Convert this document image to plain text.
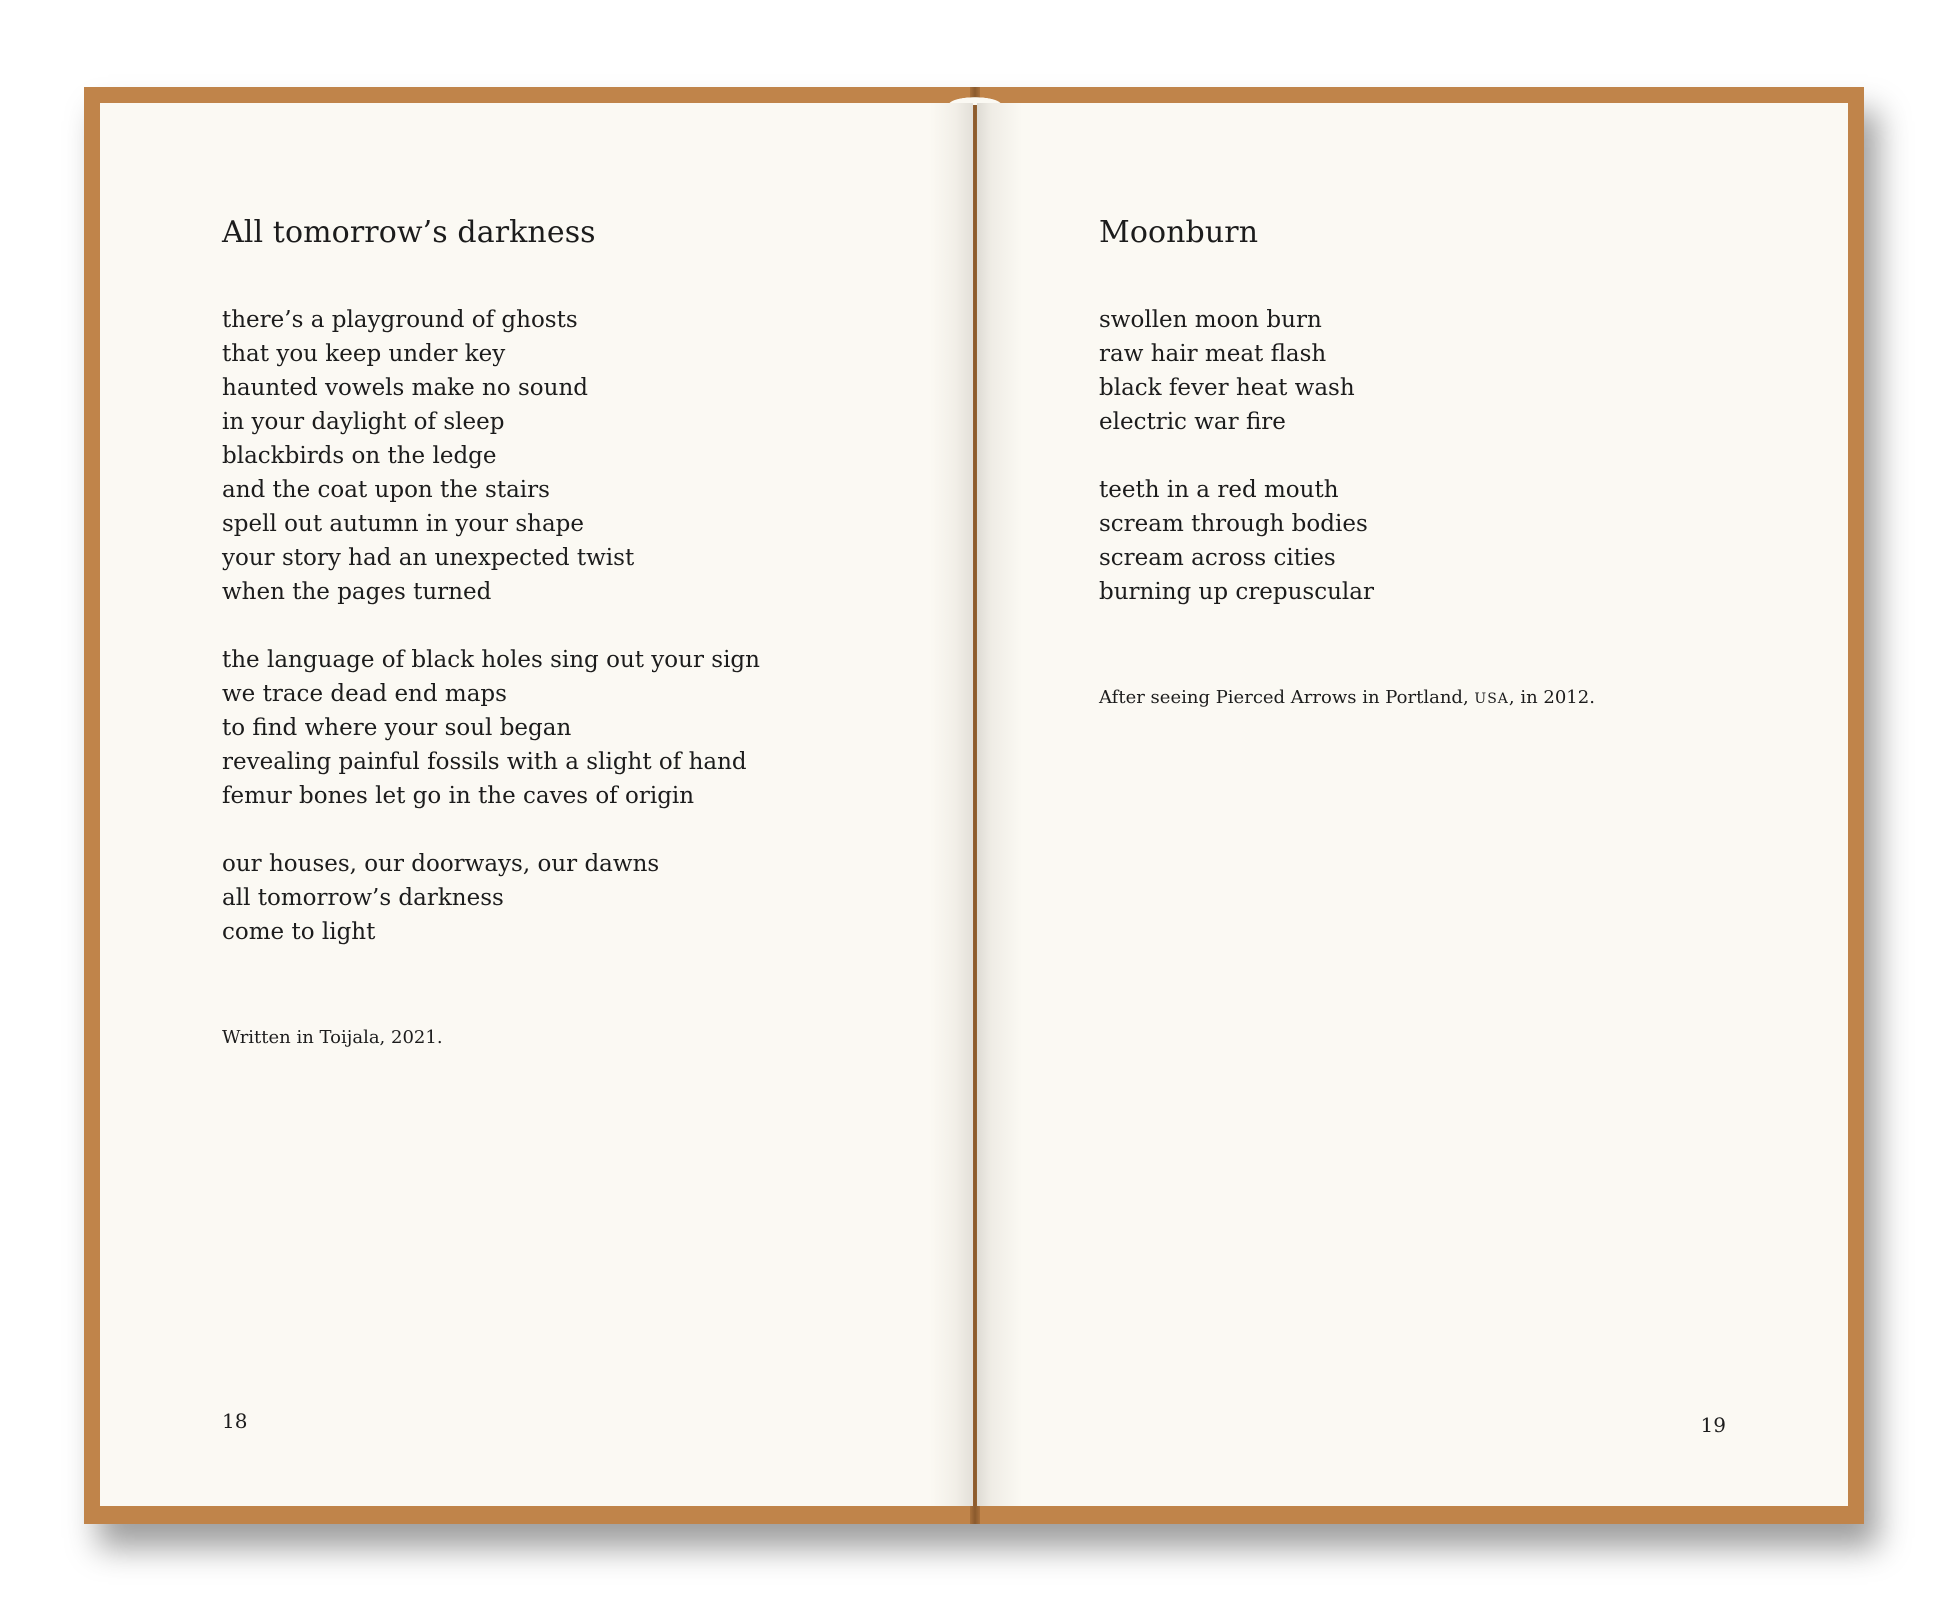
All tomorrow’s darkness
there’s a playground of ghosts
that you keep under key
haunted vowels make no sound
in your daylight of sleep
blackbirds on the ledge
and the coat upon the stairs
spell out autumn in your shape
your story had an unexpected twist
when the pages turned
the language of black holes sing out your sign
we trace dead end maps
to find where your soul began
revealing painful fossils with a slight of hand
femur bones let go in the caves of origin
our houses, our doorways, our dawns
all tomorrow’s darkness
come to light

Written in Toijala, 2021.

18

Moonburn
swollen moon burn
raw hair meat flash
black fever heat wash
electric war fire
teeth in a red mouth
scream through bodies
scream across cities
burning up crepuscular

After seeing Pierced Arrows in Portland, USA, in 2012.

19
